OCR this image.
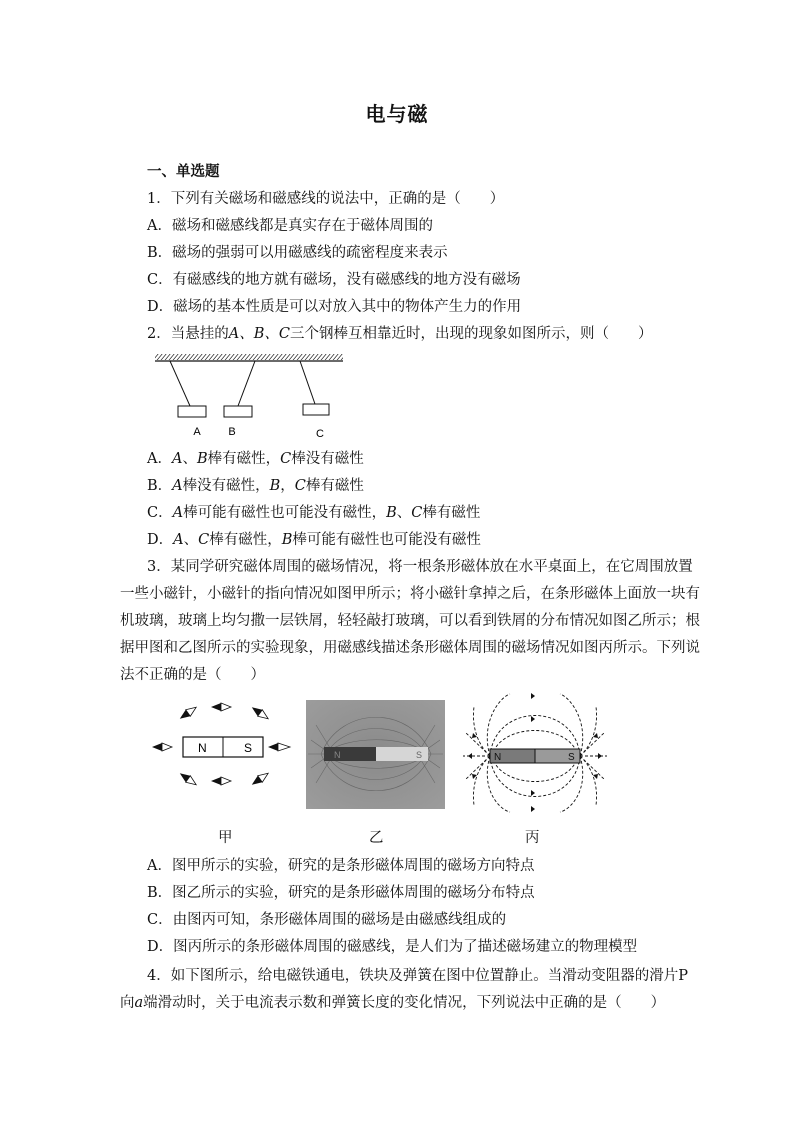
电与磁
一、单选题
1．下列有关磁场和磁感线的说法中，正确的是（　　）
A．磁场和磁感线都是真实存在于磁体周围的
B．磁场的强弱可以用磁感线的疏密程度来表示
C．有磁感线的地方就有磁场，没有磁感线的地方没有磁场
D．磁场的基本性质是可以对放入其中的物体产生力的作用
2．当悬挂的A、B、C三个钢棒互相靠近时，出现的现象如图所示，则（　　）
A	B	C
A．A、B棒有磁性，C棒没有磁性
B．A棒没有磁性，B，C棒有磁性
C．A棒可能有磁性也可能没有磁性，B、C棒有磁性
D．A、C棒有磁性，B棒可能有磁性也可能没有磁性
3．某同学研究磁体周围的磁场情况，将一根条形磁体放在水平桌面上，在它周围放置
一些小磁针，小磁针的指向情况如图甲所示；将小磁针拿掉之后，在条形磁体上面放一块有
机玻璃，玻璃上均匀撒一层铁屑，轻轻敲打玻璃，可以看到铁屑的分布情况如图乙所示；根
据甲图和乙图所示的实验现象，用磁感线描述条形磁体周围的磁场情况如图丙所示。下列说
法不正确的是（　　）
N	S	N	S	N	S
甲	乙	丙
A．图甲所示的实验，研究的是条形磁体周围的磁场方向特点
B．图乙所示的实验，研究的是条形磁体周围的磁场分布特点
C．由图丙可知，条形磁体周围的磁场是由磁感线组成的
D．图丙所示的条形磁体周围的磁感线，是人们为了描述磁场建立的物理模型
4．如下图所示，给电磁铁通电，铁块及弹簧在图中位置静止。当滑动变阻器的滑片P
向a端滑动时，关于电流表示数和弹簧长度的变化情况，下列说法中正确的是（　　）
